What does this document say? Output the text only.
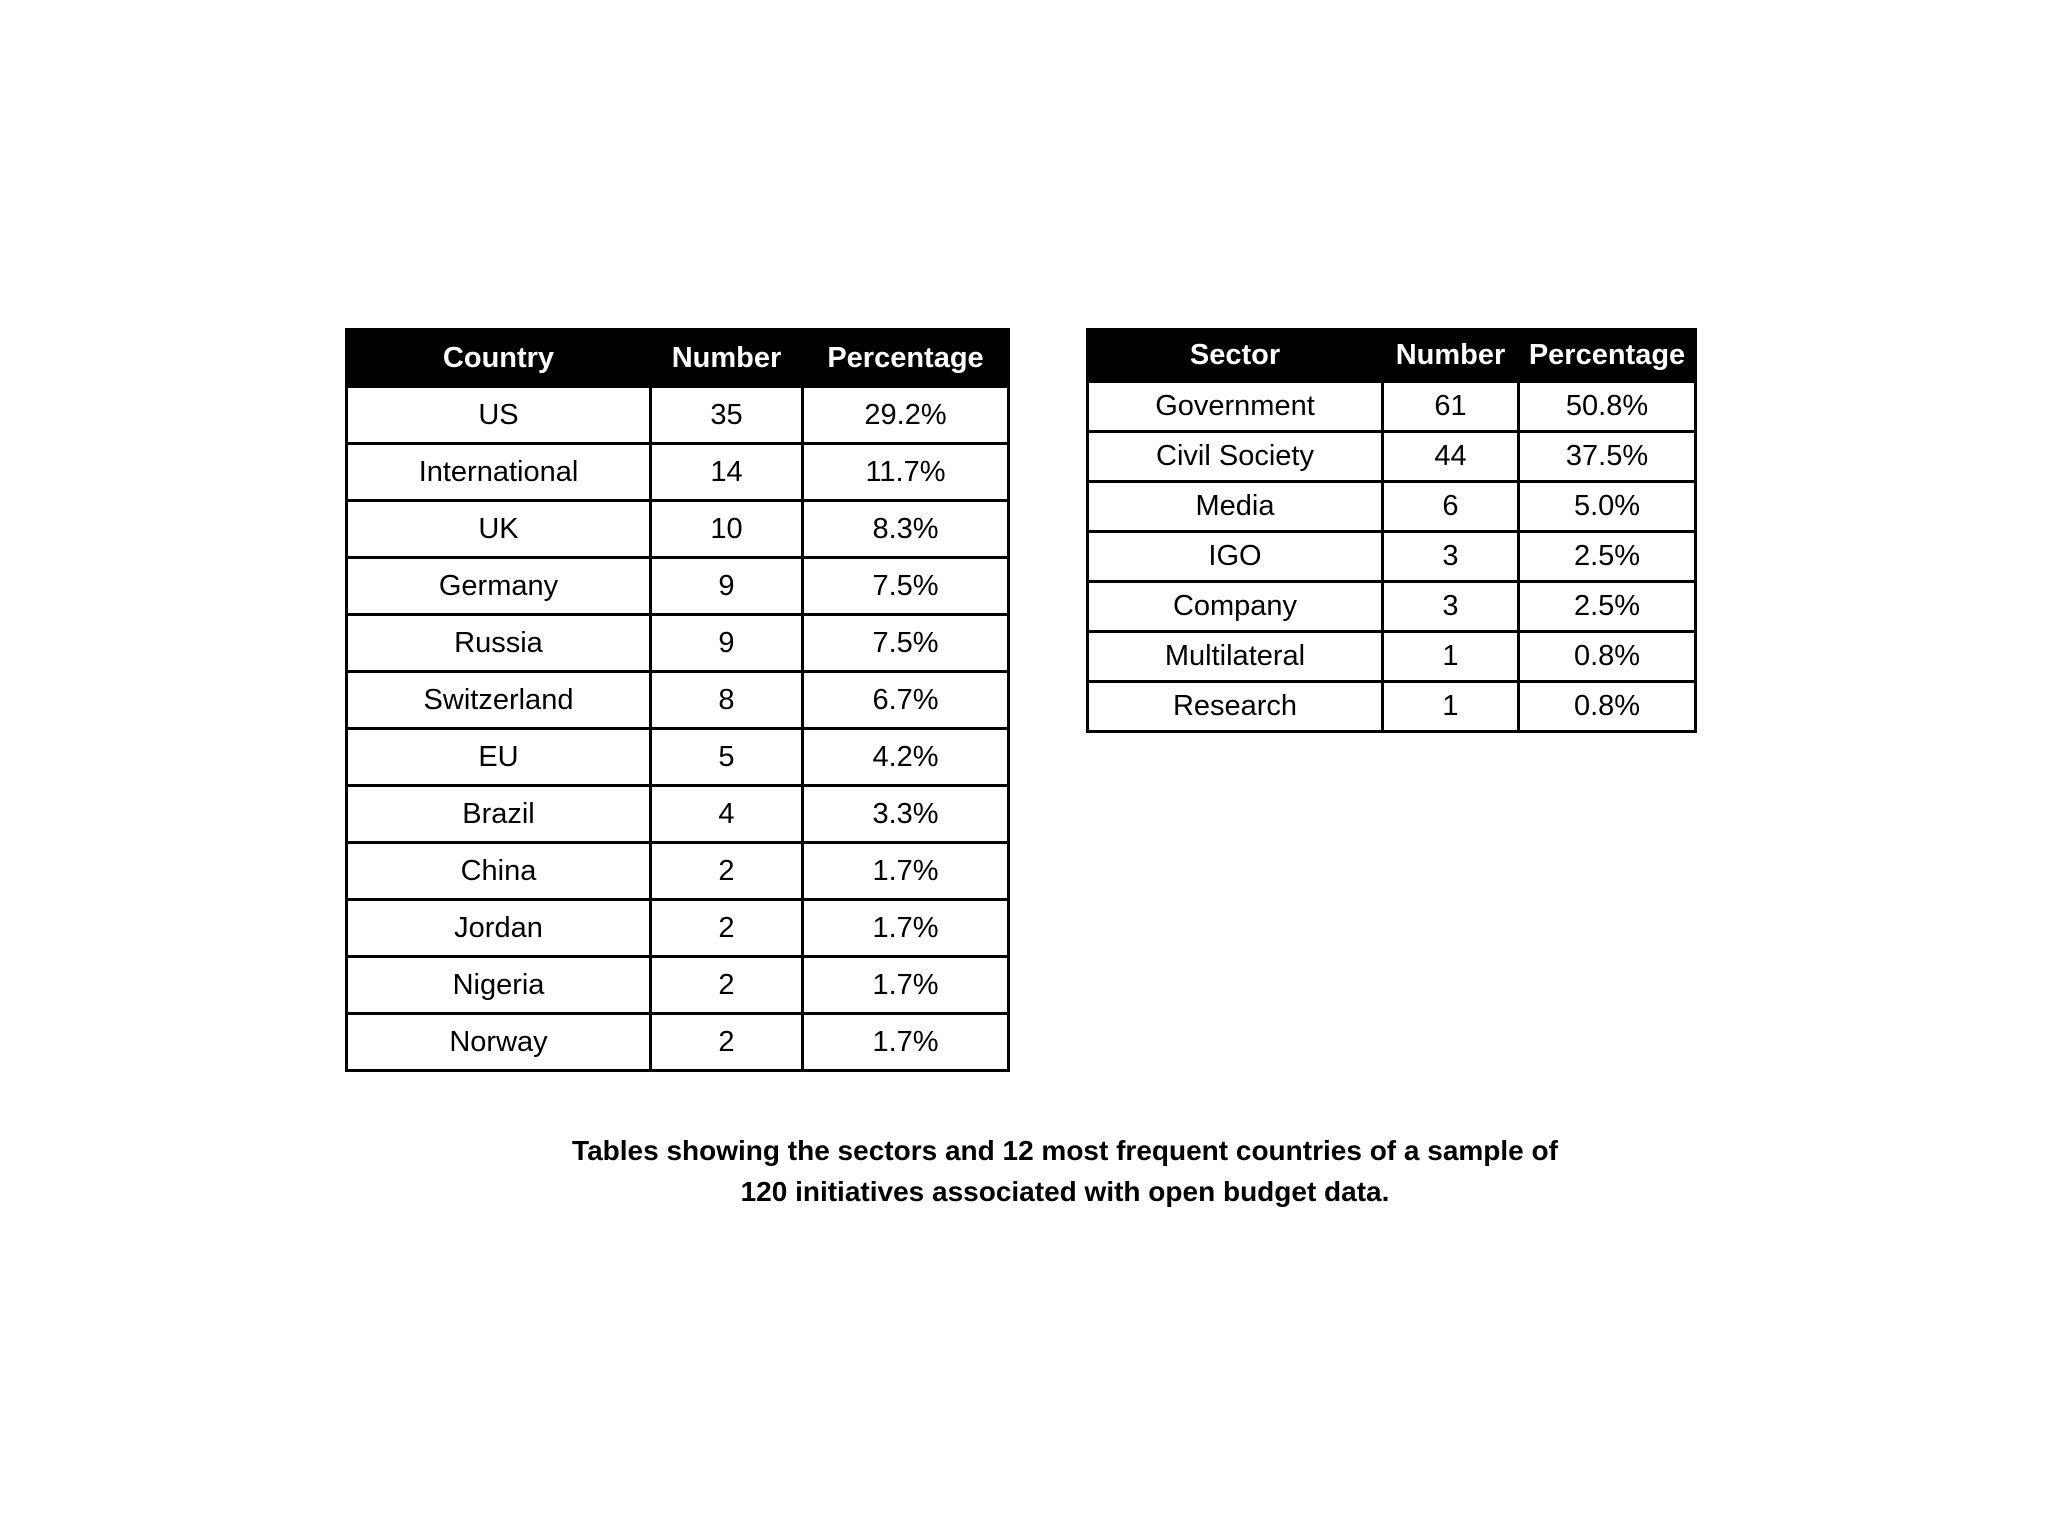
Country	Number	Percentage
US	35	29.2%
International	14	11.7%
UK	10	8.3%
Germany	9	7.5%
Russia	9	7.5%
Switzerland	8	6.7%
EU	5	4.2%
Brazil	4	3.3%
China	2	1.7%
Jordan	2	1.7%
Nigeria	2	1.7%
Norway	2	1.7%
Sector	Number	Percentage
Government	61	50.8%
Civil Society	44	37.5%
Media	6	5.0%
IGO	3	2.5%
Company	3	2.5%
Multilateral	1	0.8%
Research	1	0.8%
Tables showing the sectors and 12 most frequent countries of a sample of
120 initiatives associated with open budget data.
